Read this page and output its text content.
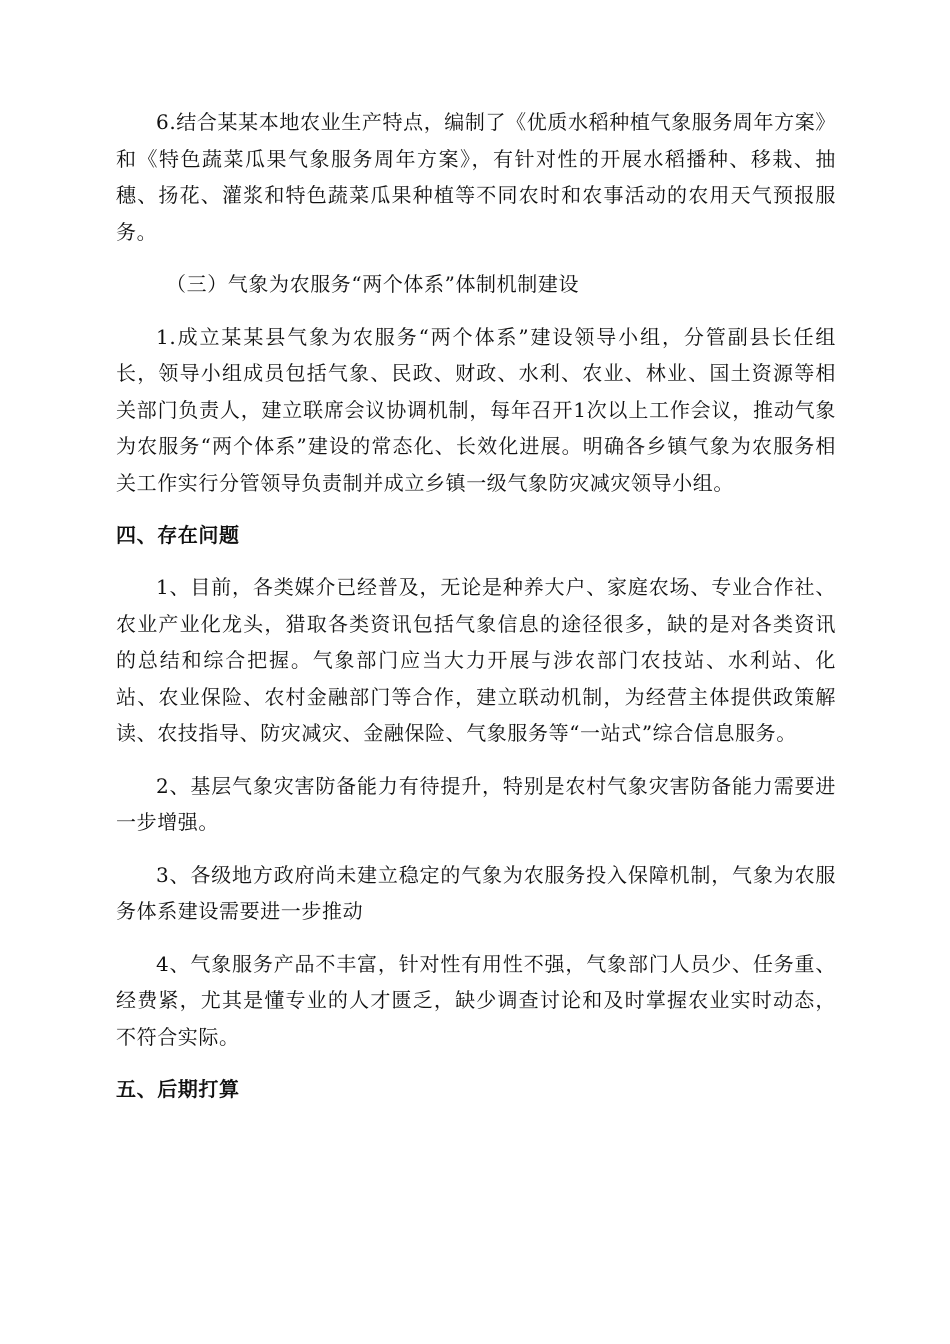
6.结合某某本地农业生产特点，编制了《优质水稻种植气象服务周年方案》和《特色蔬菜瓜果气象服务周年方案》，有针对性的开展水稻播种、移栽、抽穗、扬花、灌浆和特色蔬菜瓜果种植等不同农时和农事活动的农用天气预报服务。

（三）气象为农服务“两个体系”体制机制建设

1.成立某某县气象为农服务“两个体系”建设领导小组，分管副县长任组长，领导小组成员包括气象、民政、财政、水利、农业、林业、国土资源等相关部门负责人，建立联席会议协调机制，每年召开1次以上工作会议，推动气象为农服务“两个体系”建设的常态化、长效化进展。明确各乡镇气象为农服务相关工作实行分管领导负责制并成立乡镇一级气象防灾减灾领导小组。

四、存在问题

1、目前，各类媒介已经普及，无论是种养大户、家庭农场、专业合作社、农业产业化龙头，猎取各类资讯包括气象信息的途径很多，缺的是对各类资讯的总结和综合把握。气象部门应当大力开展与涉农部门农技站、水利站、化站、农业保险、农村金融部门等合作，建立联动机制，为经营主体提供政策解读、农技指导、防灾减灾、金融保险、气象服务等“一站式”综合信息服务。

2、基层气象灾害防备能力有待提升，特别是农村气象灾害防备能力需要进一步增强。

3、各级地方政府尚未建立稳定的气象为农服务投入保障机制，气象为农服务体系建设需要进一步推动

4、气象服务产品不丰富，针对性有用性不强，气象部门人员少、任务重、经费紧，尤其是懂专业的人才匮乏，缺少调查讨论和及时掌握农业实时动态，不符合实际。

五、后期打算
